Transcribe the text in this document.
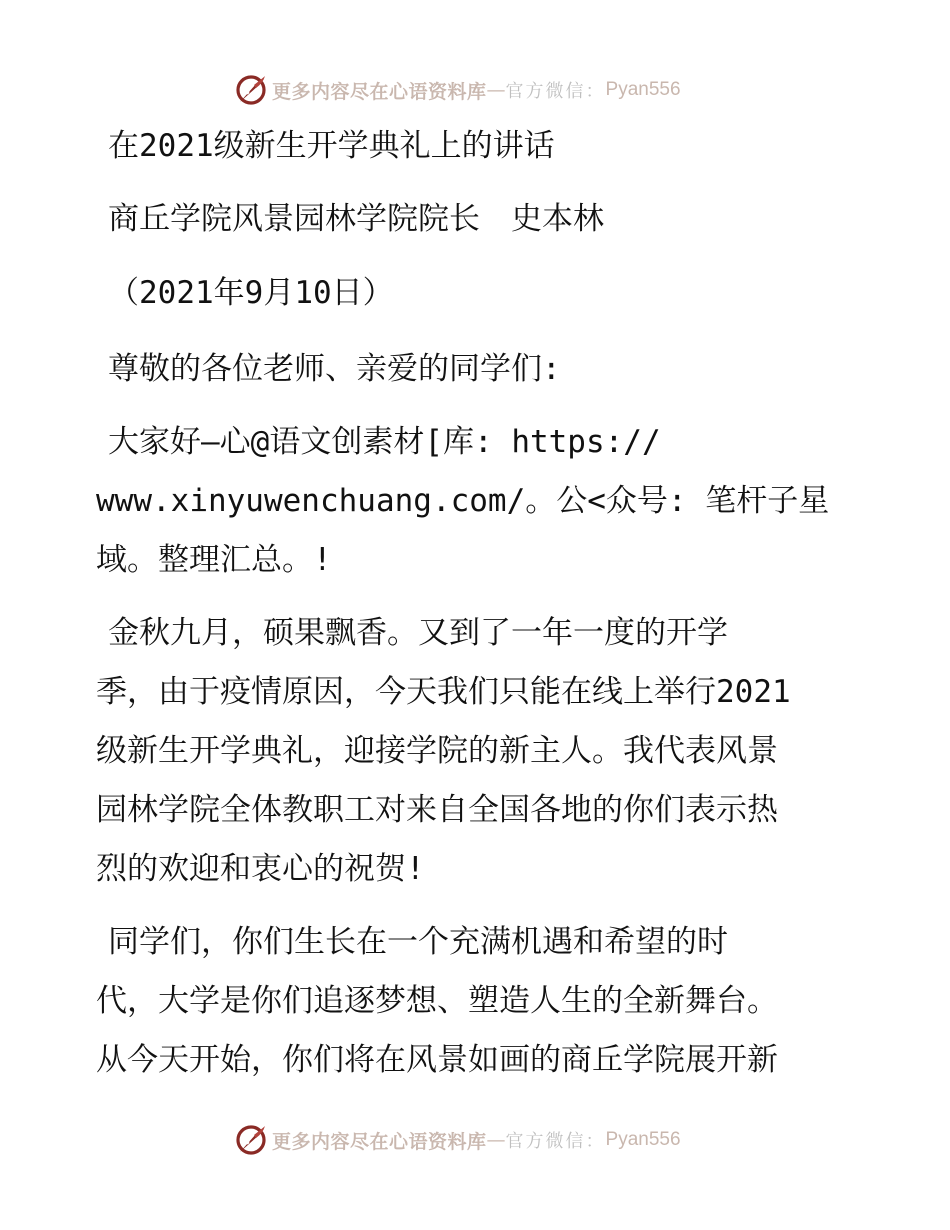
更多内容尽在心语资料库 — 官方微信： Pyan556
在2021级新生开学典礼上的讲话
商丘学院风景园林学院院长　史本林
（2021年9月10日）
尊敬的各位老师、亲爱的同学们:
大家好—心@语文创素材[库: https://
www.xinyuwenchuang.com/。公<众号: 笔杆子星
域。整理汇总。!
金秋九月，硕果飘香。又到了一年一度的开学
季，由于疫情原因，今天我们只能在线上举行2021
级新生开学典礼，迎接学院的新主人。我代表风景
园林学院全体教职工对来自全国各地的你们表示热
烈的欢迎和衷心的祝贺!
同学们，你们生长在一个充满机遇和希望的时
代，大学是你们追逐梦想、塑造人生的全新舞台。
从今天开始，你们将在风景如画的商丘学院展开新
更多内容尽在心语资料库 — 官方微信： Pyan556
